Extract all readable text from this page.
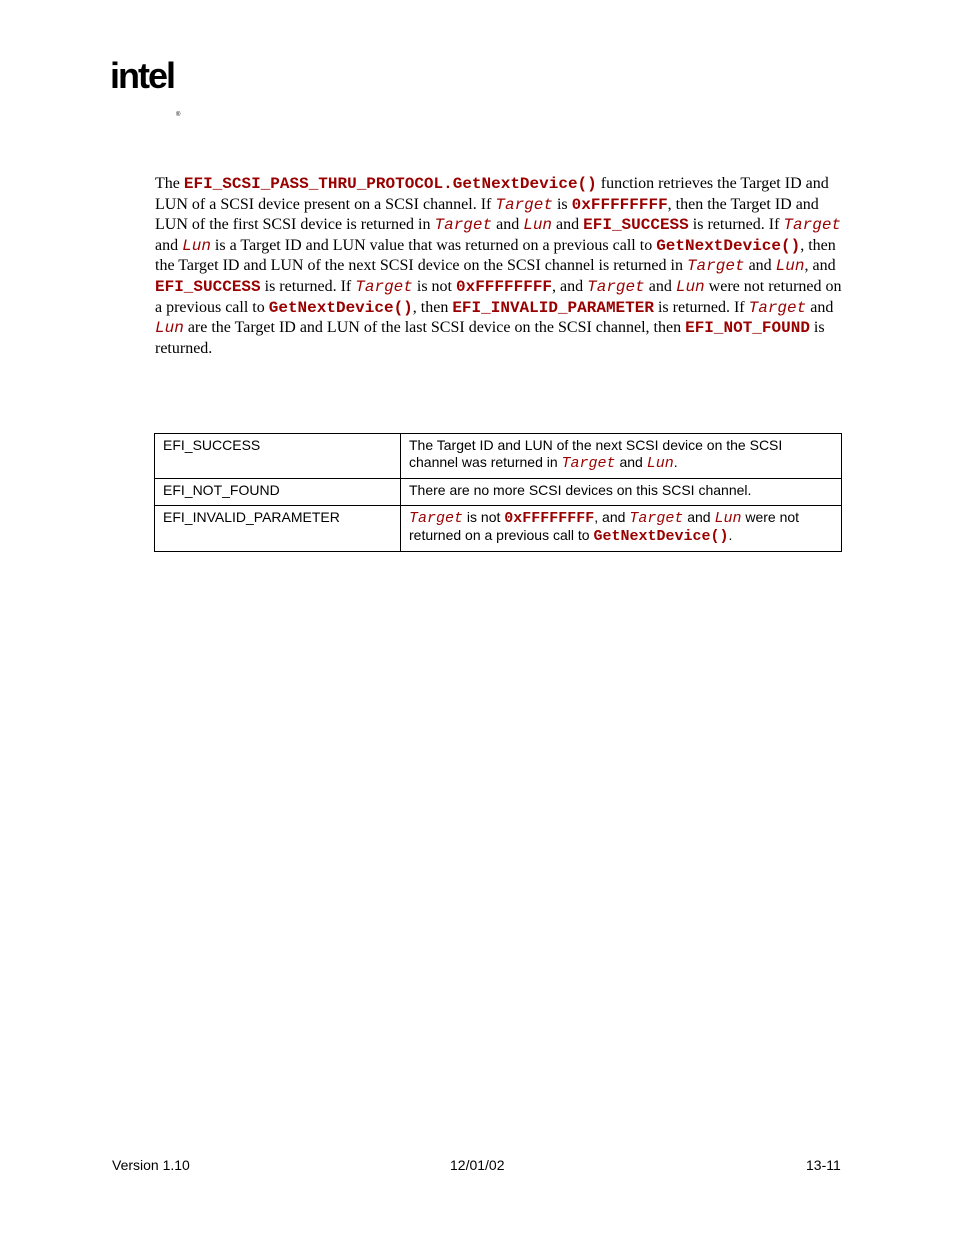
intel$_®$
The EFI_SCSI_PASS_THRU_PROTOCOL.GetNextDevice() function retrieves the Target ID and LUN of a SCSI device present on a SCSI channel. If Target is 0xFFFFFFFF, then the Target ID and LUN of the first SCSI device is returned in Target and Lun and EFI_SUCCESS is returned. If Target and Lun is a Target ID and LUN value that was returned on a previous call to GetNextDevice(), then the Target ID and LUN of the next SCSI device on the SCSI channel is returned in Target and Lun, and EFI_SUCCESS is returned. If Target is not 0xFFFFFFFF, and Target and Lun were not returned on a previous call to GetNextDevice(), then EFI_INVALID_PARAMETER is returned. If Target and Lun are the Target ID and LUN of the last SCSI device on the SCSI channel, then EFI_NOT_FOUND is returned.
EFI_SUCCESS	The Target ID and LUN of the next SCSI device on the SCSI channel was returned in Target and Lun.
EFI_NOT_FOUND	There are no more SCSI devices on this SCSI channel.
EFI_INVALID_PARAMETER	Target is not 0xFFFFFFFF, and Target and Lun were not returned on a previous call to GetNextDevice().
Version 1.10	12/01/02	13-11
